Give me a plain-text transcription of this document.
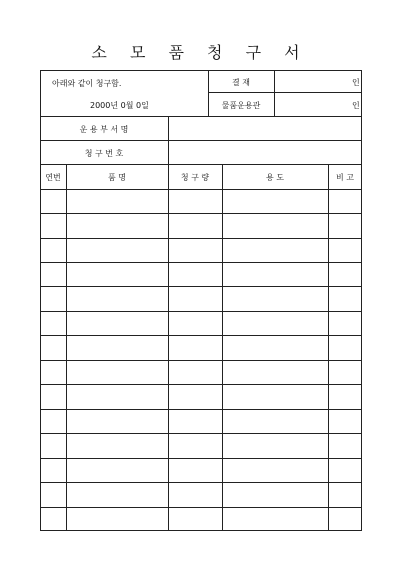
소 모 품 청 구 서
아래와 같이 청구함.
2000년 0월 0일
결 재	인
물품운용관	인
운 용 부 서 명
청 구 번 호
연번	품 명	청 구 량	용 도	비 고
